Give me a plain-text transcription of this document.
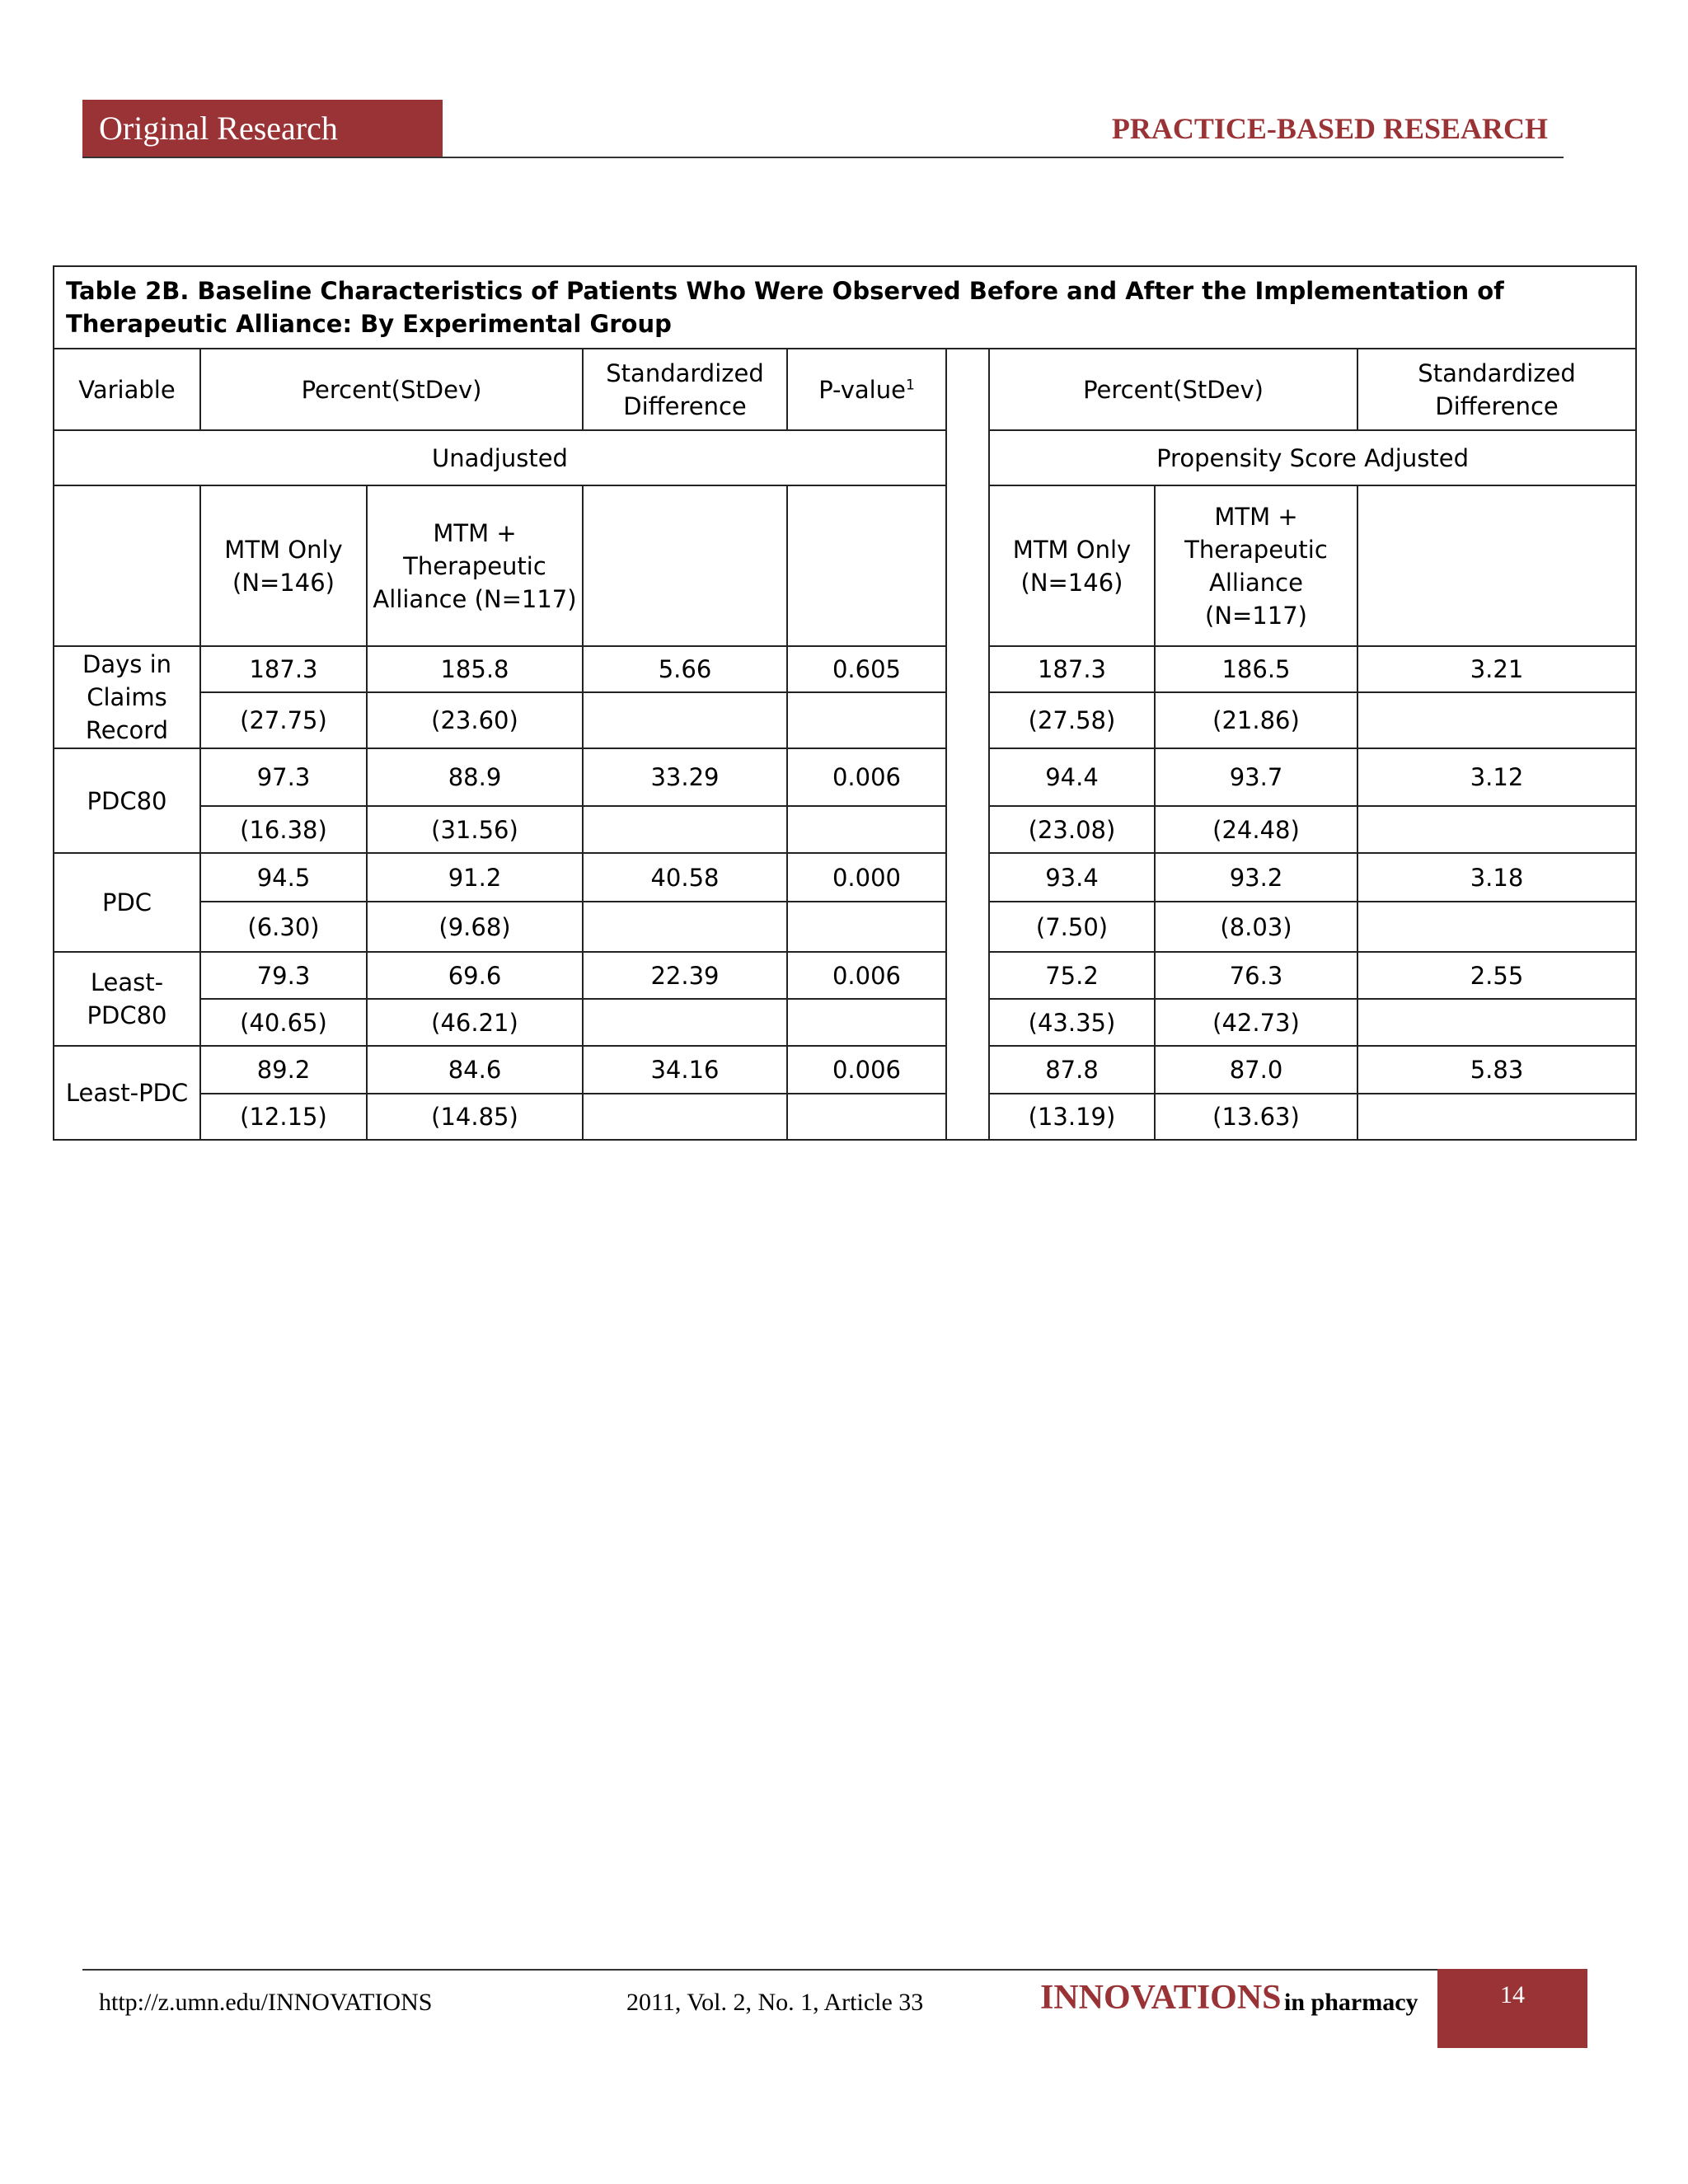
Original Research	PRACTICE-BASED RESEARCH
Table 2B. Baseline Characteristics of Patients Who Were Observed Before and After the Implementation of Therapeutic Alliance: By Experimental Group								
Variable	Percent(StDev)		Standardized Difference	P-value$^1$		Percent(StDev)		Standardized Difference
Unadjusted						Propensity Score Adjusted		
	MTM Only (N=146)	MTM + Therapeutic Alliance (N=117)				MTM Only (N=146)	MTM + Therapeutic Alliance (N=117)	
Days in Claims Record	187.3	185.8	5.66	0.605		187.3	186.5	3.21
	(27.75)	(23.60)				(27.58)	(21.86)	
PDC80	97.3	88.9	33.29	0.006		94.4	93.7	3.12
	(16.38)	(31.56)				(23.08)	(24.48)	
PDC	94.5	91.2	40.58	0.000		93.4	93.2	3.18
	(6.30)	(9.68)				(7.50)	(8.03)	
Least-PDC80	79.3	69.6	22.39	0.006		75.2	76.3	2.55
	(40.65)	(46.21)				(43.35)	(42.73)	
Least-PDC	89.2	84.6	34.16	0.006		87.8	87.0	5.83
	(12.15)	(14.85)				(13.19)	(13.63)	
http://z.umn.edu/INNOVATIONS	2011, Vol. 2, No. 1, Article 33	INNOVATIONS in pharmacy	14
